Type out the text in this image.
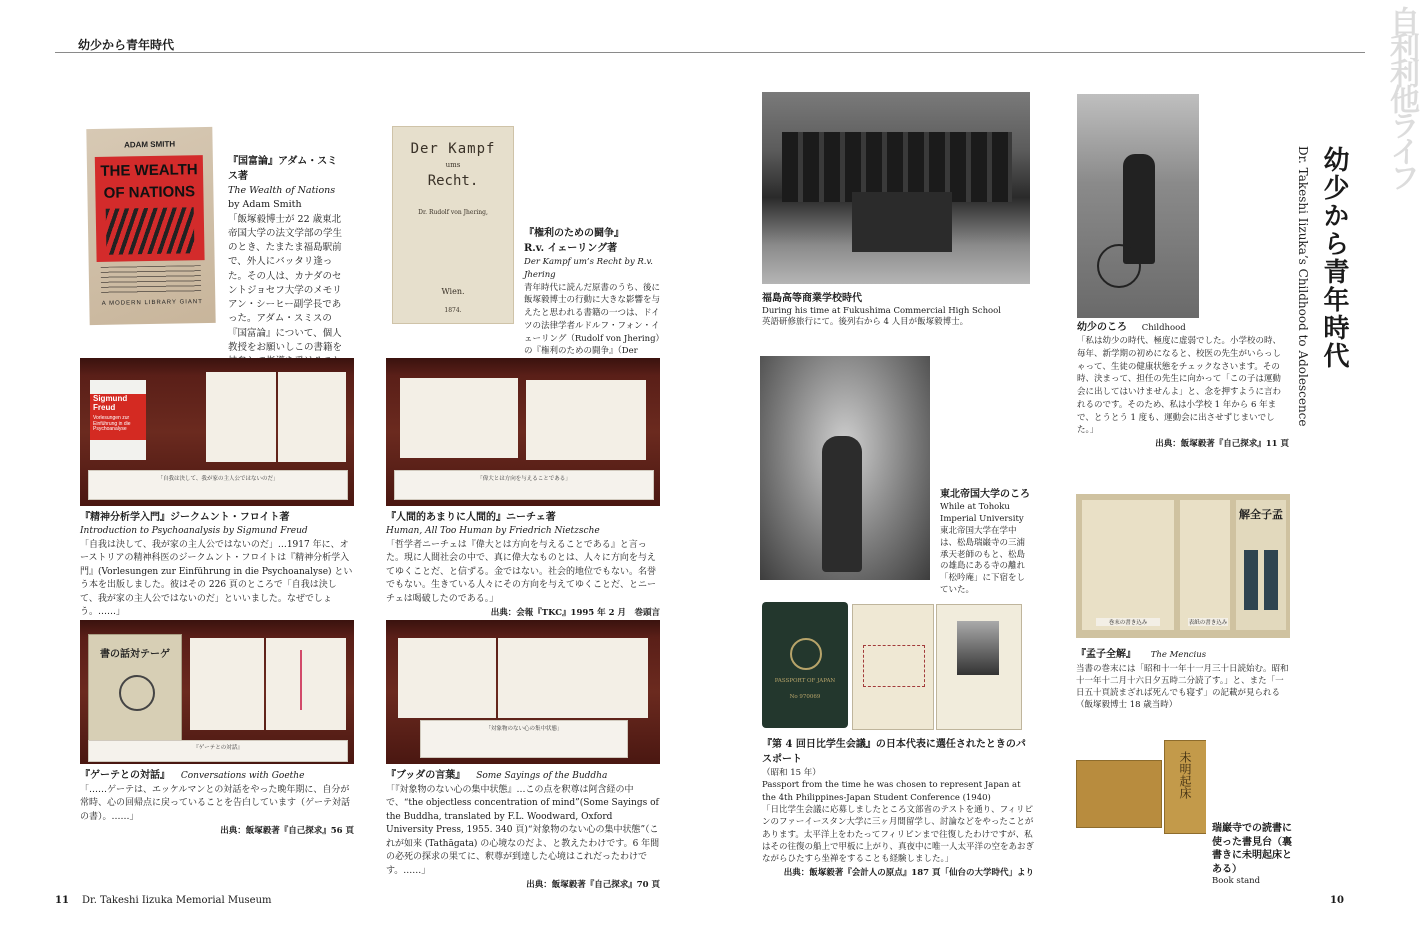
幼少から青年時代	自利利他ライフ
幼少から青年時代
Dr. Takeshi Iizuka’s Childhood to Adolescence
ADAM SMITH
THE WEALTH
OF NATIONS
A MODERN LIBRARY GIANT
『国富論』アダム・スミス著
The Wealth of Nations
by Adam Smith
「飯塚毅博士が 22 歳東北帝国大学の法文学部の学生のとき、たまたま福島駅前で、外人にバッタリ逢った。その人は、カナダのセントジョセフ大学のメモリアン・シーヒー副学長であった。アダム・スミスの『国富論』について、個人教授をお願いしこの書籍を
Der Kampf
ums
Recht.
Dr. Rudolf von Jhering,
Wien.
1874.
『権利のための闘争』
R.v. イェーリング著
Der Kampf um’s Recht by R.v. Jhering
青年時代に読んだ原書のうち、後に飯塚毅博士の行動に大きな影響を与えたと思われる書籍の一つは、ドイツの法律学者ルドルフ・フォン・イェーリング（Rudolf von Jhering）の『権利のための闘争』（Der
Sigmund Freud
Vorlesungen zur Einführung in die Psychoanalyse
「自我は決して、我が家の主人公ではないのだ」
『精神分析学入門』ジークムント・フロイト著
Introduction to Psychoanalysis by Sigmund Freud
「自我は決して、我が家の主人公ではないのだ」…1917 年に、オーストリアの精神科医のジークムント・フロイトは『精神分析学入門』(Vorlesungen zur Einführung in die Psychoanalyse) という本を出版しました。彼はその 226 頁のところで「自我は決して、我が家の主人公ではないのだ」といいました。なぜでしょう。……」
「偉大とは方向を与えることである」
『人間的あまりに人間的』ニーチェ著
Human, All Too Human by Friedrich Nietzsche
「哲学者ニーチェは『偉大とは方向を与えることである』と言った。現に人間社会の中で、真に偉大なものとは、人々に方向を与えてゆくことだ、と信ずる。金ではない。社会的地位でもない。名誉でもない。生きている人々にその方向を与えてゆくことだ、とニーチェは喝破したのである。」
出典：会報『TKC』1995 年 2 月　巻頭言
書の話対テーゲ
『ゲーテとの対話』
『ゲーテとの対話』 Conversations with Goethe
「……ゲーテは、エッケルマンとの対話をやった晩年期に、自分が常時、心の回帰点に戻っていることを告白しています（ゲーテ対話の書）。……」
出典：飯塚毅著『自己探求』56 頁
「対象物のない心の集中状態」
『ブッダの言葉』 Some Sayings of the Buddha
「『対象物のない心の集中状態』…この点を釈尊は阿含経の中で、“the objectless concentration of mind”(Some Sayings of the Buddha, translated by F.L. Woodward, Oxford University Press, 1955. 340 頁)“対象物のない心の集中状態”（これが如来 (Tathāgata) の心境なのだよ、と教えたわけです。6 年間の必死の探求の果てに、釈尊が到達した心境はこれだったわけです。……」
出典：飯塚毅著『自己探求』70 頁
福島高等商業学校時代
During his time at Fukushima Commercial High School
英語研修旅行にて。後列右から 4 人目が飯塚毅博士。
東北帝国大学のころ
While at Tohoku Imperial University
東北帝国大学在学中は、松島瑞巌寺の三浦承天老師のもと、松島の雄島にある寺の離れ「松吟庵」に下宿をしていた。
PASSPORT OF JAPAN
No 970069
『第 4 回日比学生会議』の日本代表に選任されたときのパスポート
（昭和 15 年）
Passport from the time he was chosen to represent Japan at the 4th Philippines-Japan Student Conference (1940)
「日比学生会議に応募しましたところ文部省のテストを通り、フィリピンのファーイースタン大学に三ヶ月間留学し、討論などをやったことがあります。太平洋上をわたってフィリピンまで往復したわけですが、私はその往復の船上で甲板に上がり、真夜中に唯一人太平洋の空をあおぎながらひたすら坐禅をすることも経験しました。」
出典：飯塚毅著『会計人の原点』187 頁「仙台の大学時代」より
幼少のころ Childhood
「私は幼少の時代、極度に虚弱でした。小学校の時、毎年、新学期の初めになると、校医の先生がいらっしゃって、生徒の健康状態をチェックなさいます。その時、決まって、担任の先生に向かって「この子は運動会に出してはいけませんよ」と、念を押すように言われるのです。そのため、私は小学校 1 年から 6 年まで、とうとう 1 度も、運動会に出させずじまいでした。」
出典：飯塚毅著『自己探求』11 頁
解全子孟
巻末の書き込み	表紙の書き込み
『孟子全解』 The Mencius
当書の巻末には「昭和十一年十一月三十日読始む。昭和十一年十二月十六日夕五時二分読了す。」と、また「一日五十頁読まざれば死んでも寝ず」の記載が見られる（飯塚毅博士 18 歳当時）
未明起床
瑞巌寺での読書に使った書見台（裏書きに未明起床とある）
Book stand
11 Dr. Takeshi Iizuka Memorial Museum	10
